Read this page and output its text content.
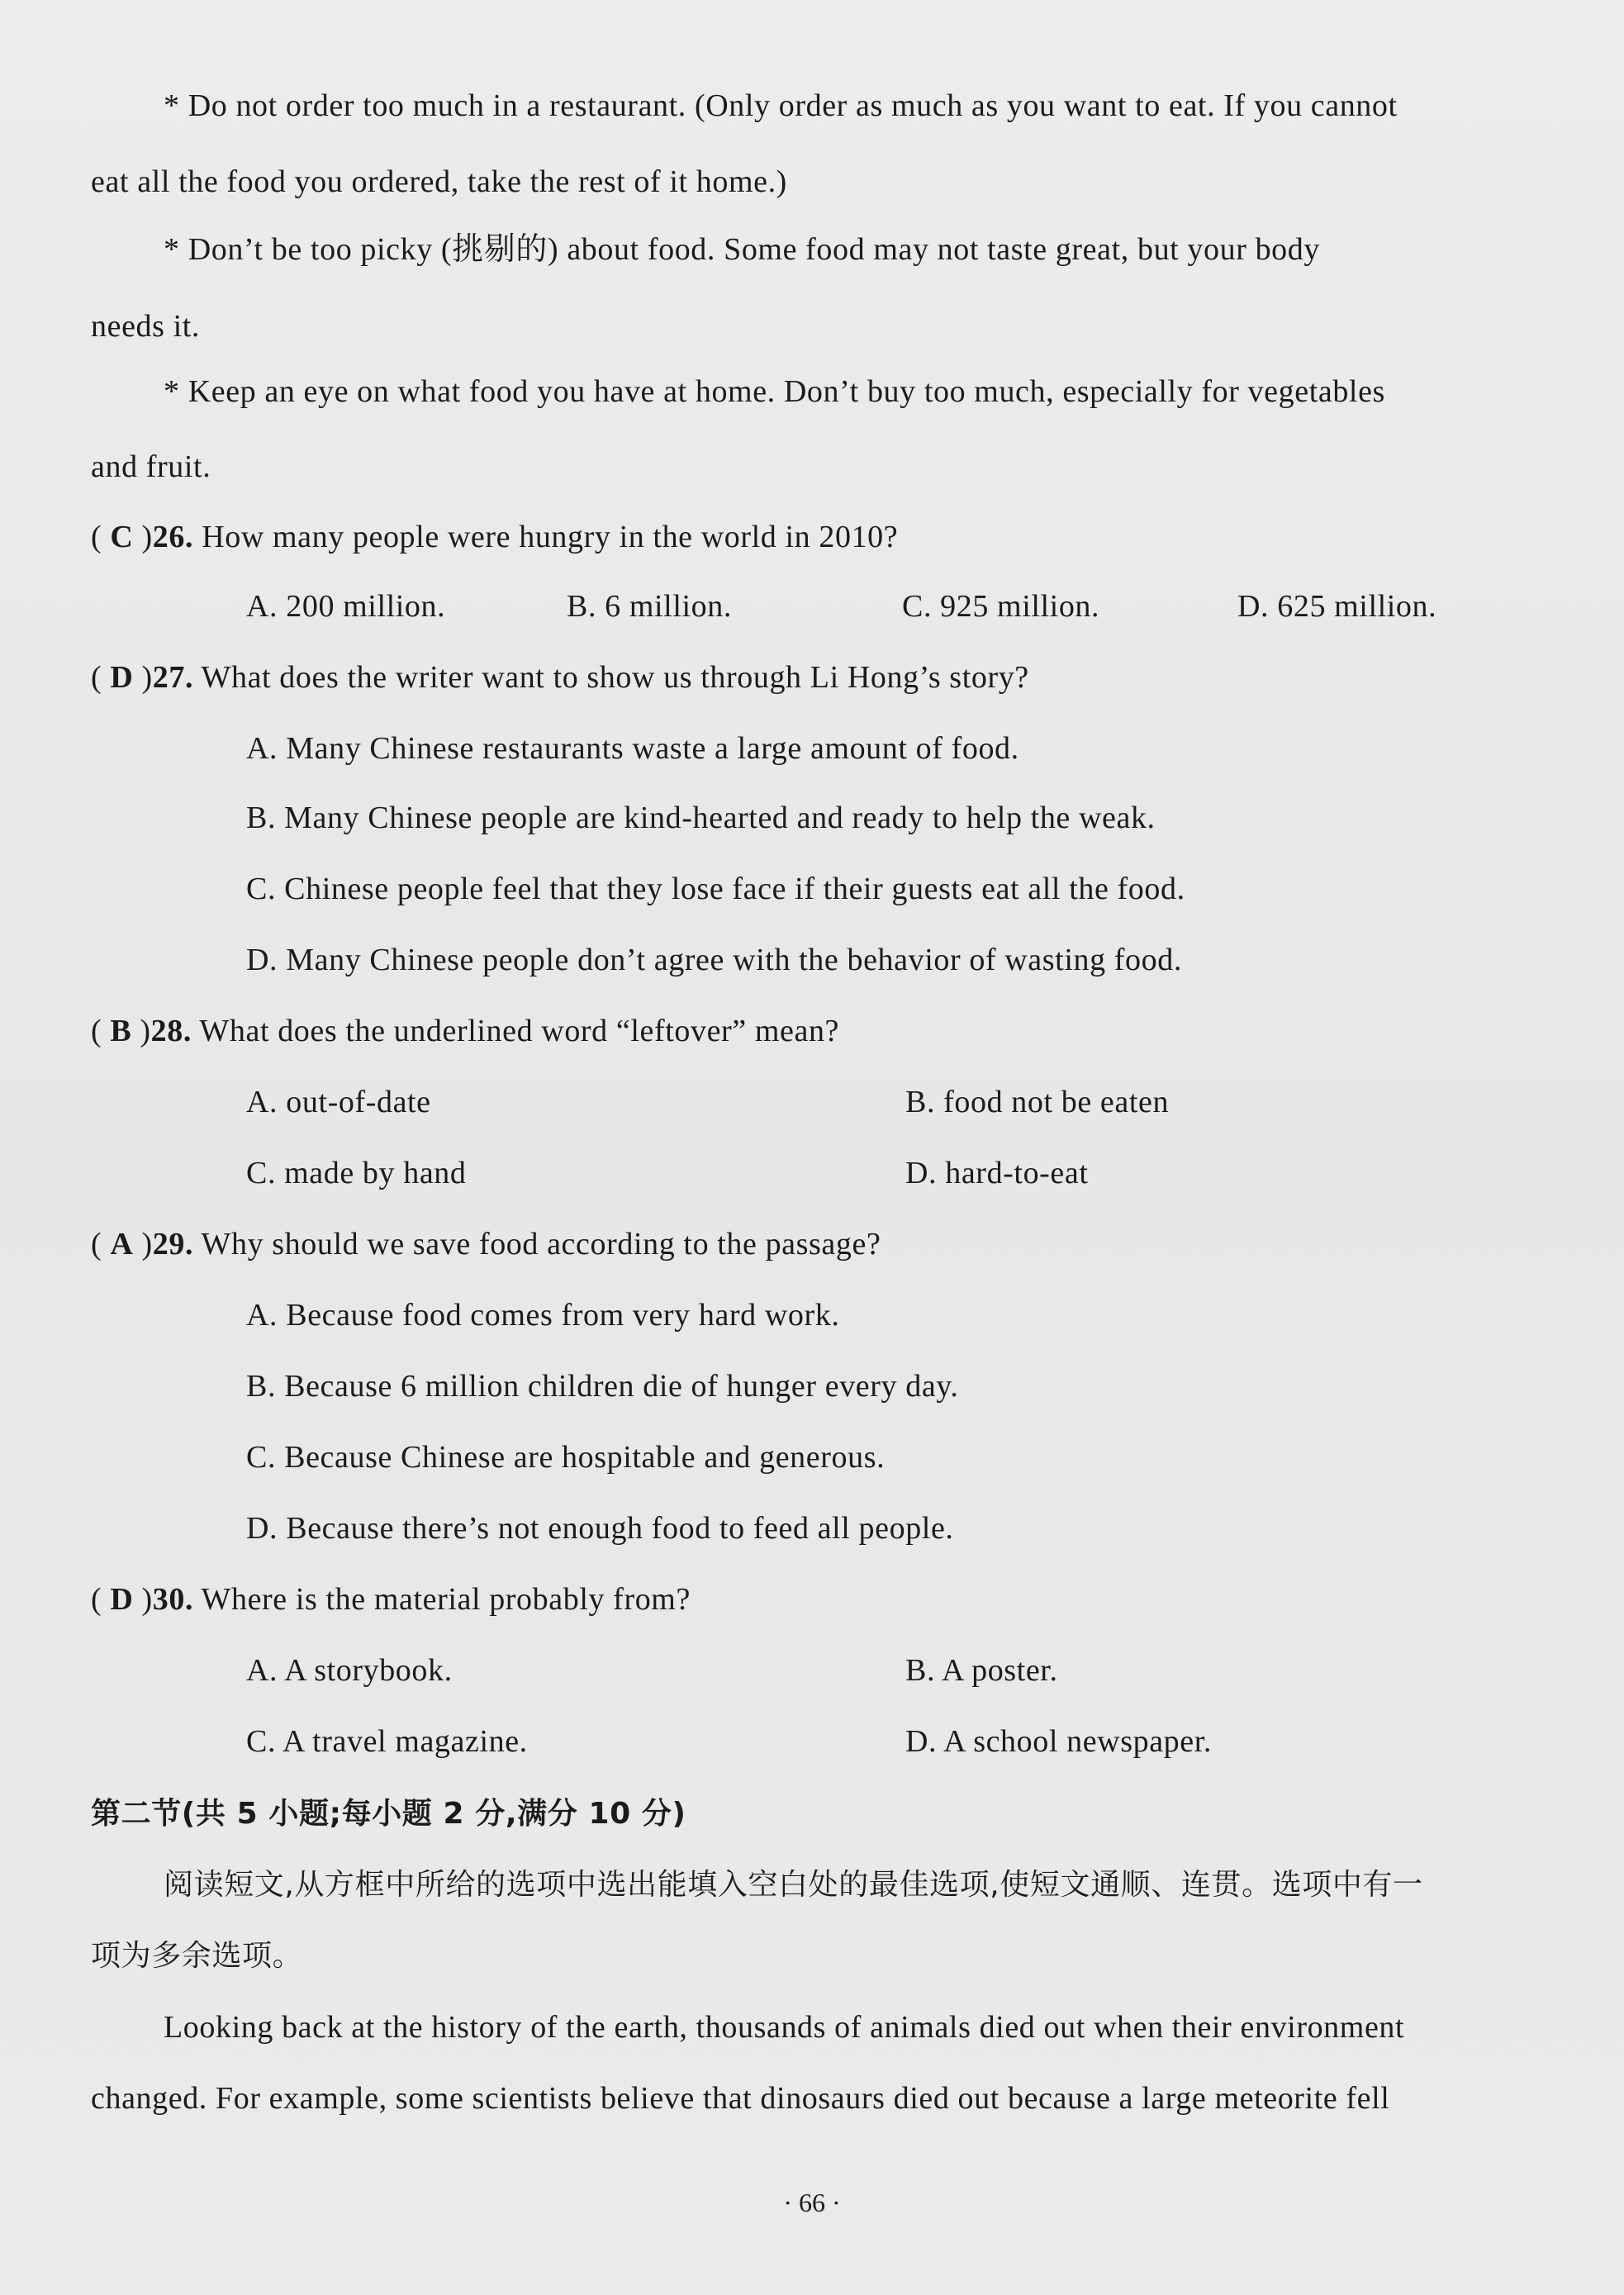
* Do not order too much in a restaurant. (Only order as much as you want to eat. If you cannot
eat all the food you ordered, take the rest of it home.)
* Don’t be too picky (挑剔的) about food. Some food may not taste great, but your body
needs it.
* Keep an eye on what food you have at home. Don’t buy too much, especially for vegetables
and fruit.
( C )26. How many people were hungry in the world in 2010?
A. 200 million.	B. 6 million.	C. 925 million.	D. 625 million.
( D )27. What does the writer want to show us through Li Hong’s story?
A. Many Chinese restaurants waste a large amount of food.
B. Many Chinese people are kind-hearted and ready to help the weak.
C. Chinese people feel that they lose face if their guests eat all the food.
D. Many Chinese people don’t agree with the behavior of wasting food.
( B )28. What does the underlined word “leftover” mean?
A. out-of-date	B. food not be eaten
C. made by hand	D. hard-to-eat
( A )29. Why should we save food according to the passage?
A. Because food comes from very hard work.
B. Because 6 million children die of hunger every day.
C. Because Chinese are hospitable and generous.
D. Because there’s not enough food to feed all people.
( D )30. Where is the material probably from?
A. A storybook.	B. A poster.
C. A travel magazine.	D. A school newspaper.
第二节(共 5 小题;每小题 2 分,满分 10 分)
阅读短文,从方框中所给的选项中选出能填入空白处的最佳选项,使短文通顺、连贯。选项中有一
项为多余选项。
Looking back at the history of the earth, thousands of animals died out when their environment
changed. For example, some scientists believe that dinosaurs died out because a large meteorite fell
· 66 ·
